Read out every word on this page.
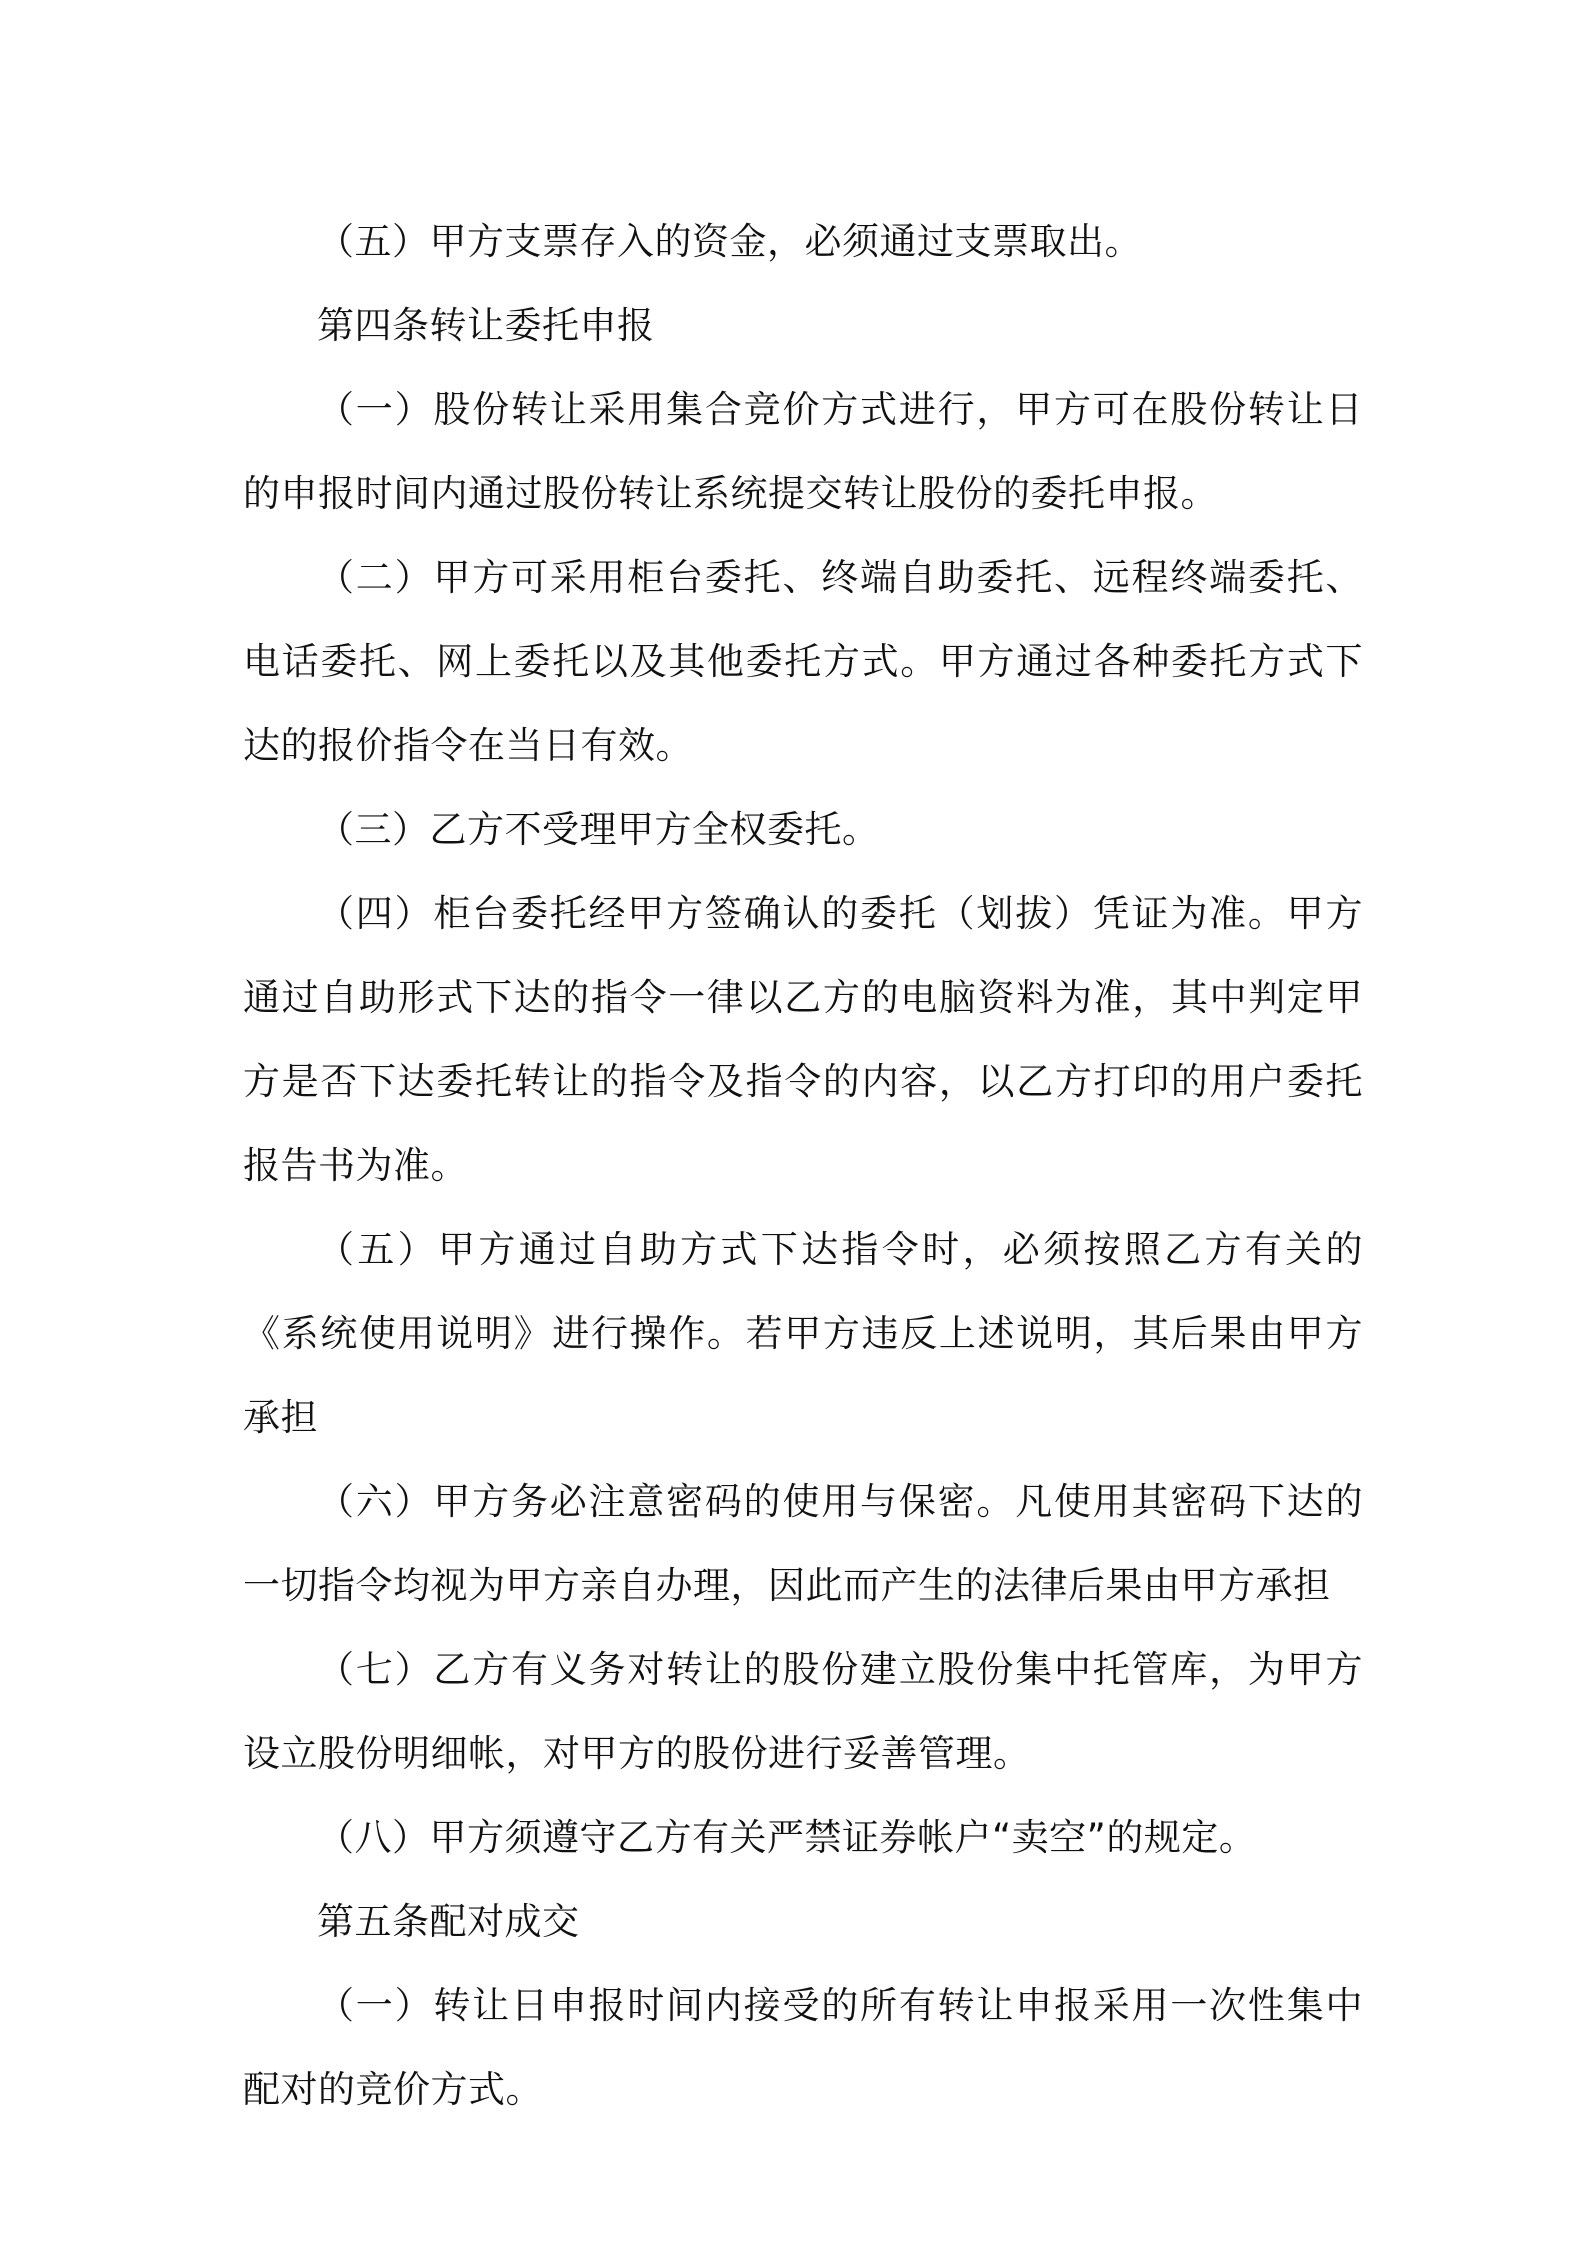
（五）甲方支票存入的资金，必须通过支票取出。

第四条转让委托申报

（一）股份转让采用集合竞价方式进行，甲方可在股份转让日的申报时间内通过股份转让系统提交转让股份的委托申报。

（二）甲方可采用柜台委托、终端自助委托、远程终端委托、电话委托、网上委托以及其他委托方式。甲方通过各种委托方式下达的报价指令在当日有效。

（三）乙方不受理甲方全权委托。

（四）柜台委托经甲方签确认的委托（划拔）凭证为准。甲方通过自助形式下达的指令一律以乙方的电脑资料为准，其中判定甲方是否下达委托转让的指令及指令的内容，以乙方打印的用户委托报告书为准。

（五）甲方通过自助方式下达指令时，必须按照乙方有关的《系统使用说明》进行操作。若甲方违反上述说明，其后果由甲方承担

（六）甲方务必注意密码的使用与保密。凡使用其密码下达的一切指令均视为甲方亲自办理，因此而产生的法律后果由甲方承担

（七）乙方有义务对转让的股份建立股份集中托管库，为甲方设立股份明细帐，对甲方的股份进行妥善管理。

（八）甲方须遵守乙方有关严禁证券帐户“卖空”的规定。

第五条配对成交

（一）转让日申报时间内接受的所有转让申报采用一次性集中配对的竞价方式。
